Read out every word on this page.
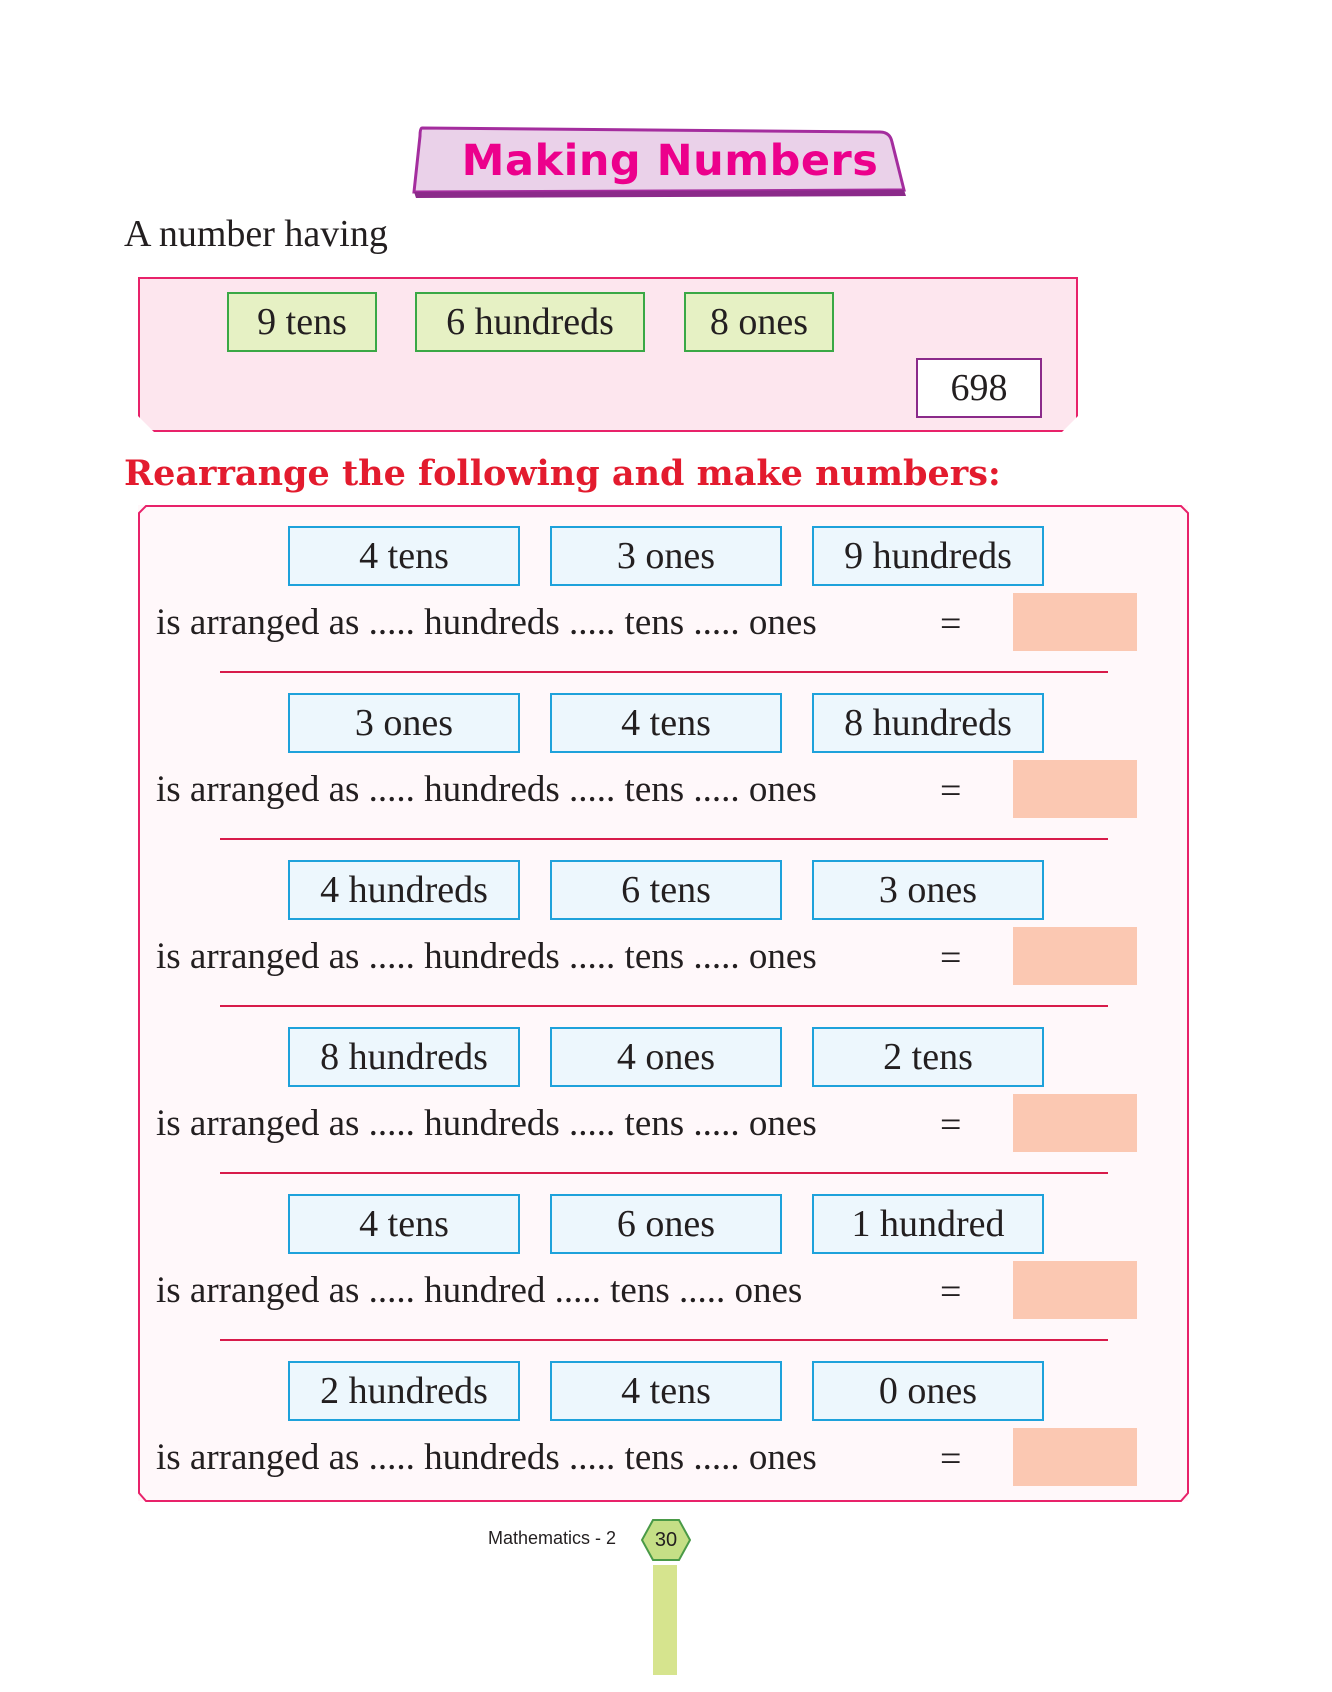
Making Numbers
A number having
9 tens	6 hundreds	8 ones
698
Rearrange the following and make numbers:
4 tens	3 ones	9 hundreds
is arranged as ..... hundreds ..... tens ..... ones	=
3 ones	4 tens	8 hundreds
is arranged as ..... hundreds ..... tens ..... ones	=
4 hundreds	6 tens	3 ones
is arranged as ..... hundreds ..... tens ..... ones	=
8 hundreds	4 ones	2 tens
is arranged as ..... hundreds ..... tens ..... ones	=
4 tens	6 ones	1 hundred
is arranged as ..... hundred ..... tens ..... ones	=
2 hundreds	4 tens	0 ones
is arranged as ..... hundreds ..... tens ..... ones	=
Mathematics - 2	30
